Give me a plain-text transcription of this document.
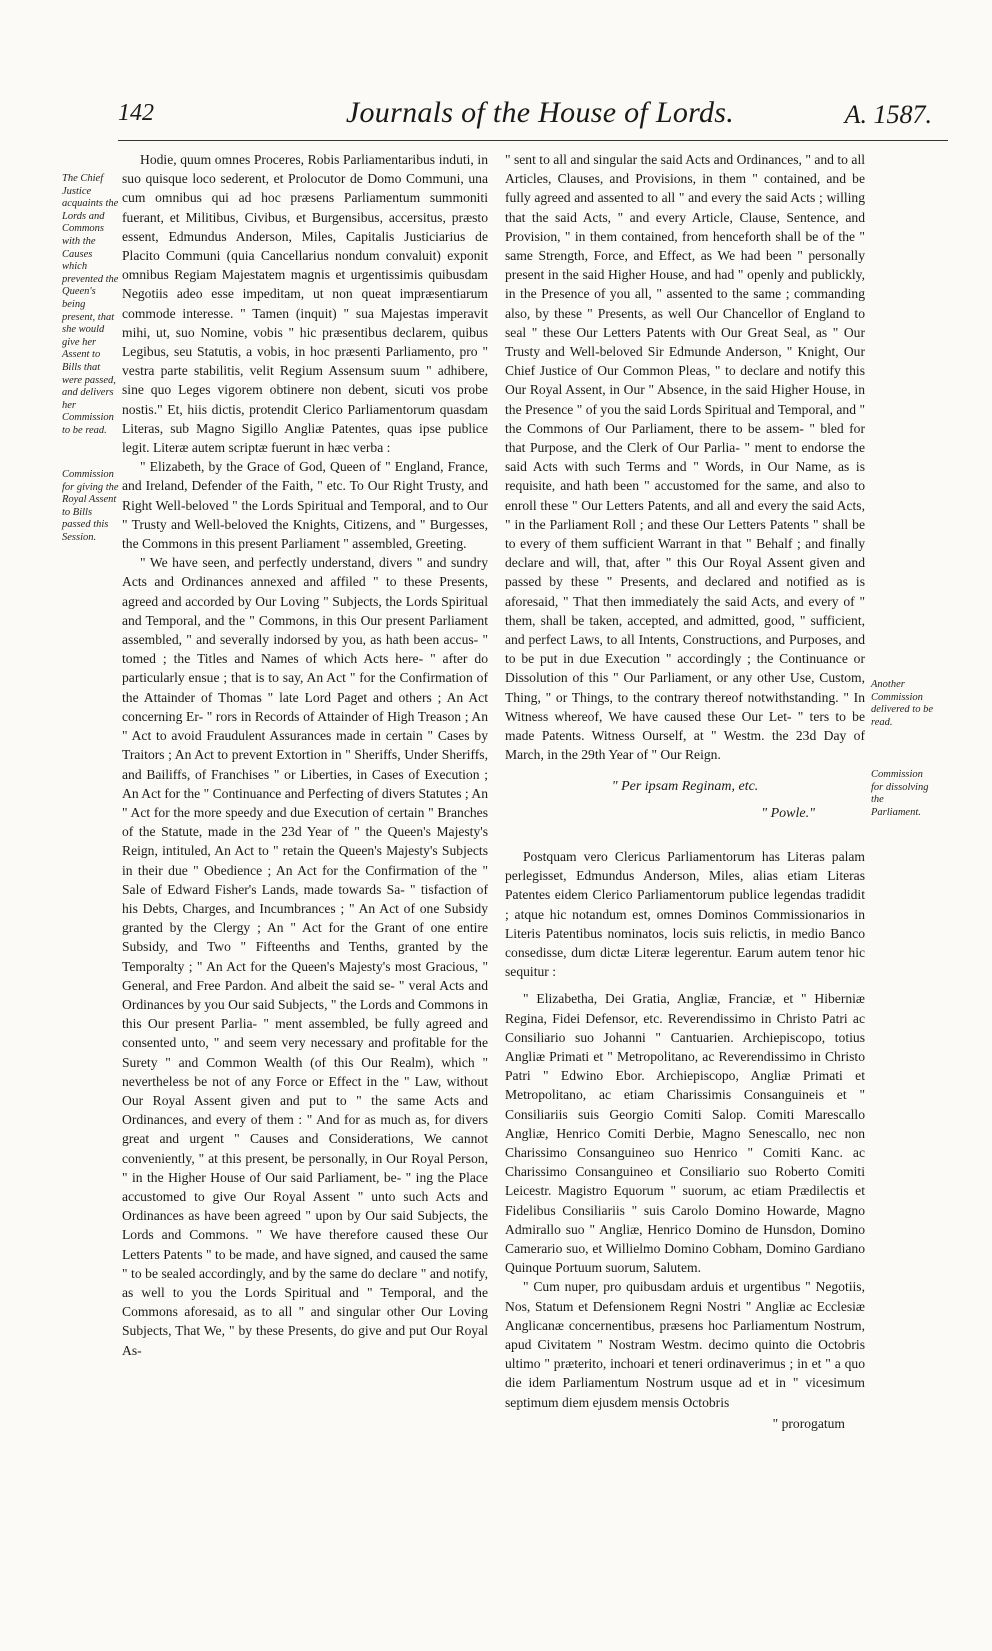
142	Journals of the House of Lords.	A. 1587.
The Chief Justice acquaints the Lords and Commons with the Causes which prevented the Queen's being present, that she would give her Assent to Bills that were passed, and delivers her Commission to be read.
Commission for giving the Royal Assent to Bills passed this Session.
Another Commission delivered to be read.
Commission for dissolving the Parliament.

Hodie, quum omnes Proceres, Robis Parliamentaribus induti, in suo quisque loco sederent, et Prolocutor de Domo Communi, una cum omnibus qui ad hoc præsens Parliamentum summoniti fuerant, et Militibus, Civibus, et Burgensibus, accersitus, præsto essent, Edmundus Anderson, Miles, Capitalis Justiciarius de Placito Communi (quia Cancellarius nondum convaluit) exponit omnibus Regiam Majestatem magnis et urgentissimis quibusdam Negotiis adeo esse impeditam, ut non queat impræsentiarum commode interesse. " Tamen (inquit) " sua Majestas imperavit mihi, ut, suo Nomine, vobis " hic præsentibus declarem, quibus Legibus, seu Statutis, a vobis, in hoc præsenti Parliamento, pro " vestra parte stabilitis, velit Regium Assensum suum " adhibere, sine quo Leges vigorem obtinere non debent, sicuti vos probe nostis." Et, hiis dictis, protendit Clerico Parliamentorum quasdam Literas, sub Magno Sigillo Angliæ Patentes, quas ipse publice legit. Literæ autem scriptæ fuerunt in hæc verba :

" Elizabeth, by the Grace of God, Queen of " England, France, and Ireland, Defender of the Faith, " etc. To Our Right Trusty, and Right Well-beloved " the Lords Spiritual and Temporal, and to Our " Trusty and Well-beloved the Knights, Citizens, and " Burgesses, the Commons in this present Parliament " assembled, Greeting.

" We have seen, and perfectly understand, divers " and sundry Acts and Ordinances annexed and affiled " to these Presents, agreed and accorded by Our Loving " Subjects, the Lords Spiritual and Temporal, and the " Commons, in this Our present Parliament assembled, " and severally indorsed by you, as hath been accus- " tomed ; the Titles and Names of which Acts here- " after do particularly ensue ; that is to say, An Act " for the Confirmation of the Attainder of Thomas " late Lord Paget and others ; An Act concerning Er- " rors in Records of Attainder of High Treason ; An " Act to avoid Fraudulent Assurances made in certain " Cases by Traitors ; An Act to prevent Extortion in " Sheriffs, Under Sheriffs, and Bailiffs, of Franchises " or Liberties, in Cases of Execution ; An Act for the " Continuance and Perfecting of divers Statutes ; An " Act for the more speedy and due Execution of certain " Branches of the Statute, made in the 23d Year of " the Queen's Majesty's Reign, intituled, An Act to " retain the Queen's Majesty's Subjects in their due " Obedience ; An Act for the Confirmation of the " Sale of Edward Fisher's Lands, made towards Sa- " tisfaction of his Debts, Charges, and Incumbrances ; " An Act of one Subsidy granted by the Clergy ; An " Act for the Grant of one entire Subsidy, and Two " Fifteenths and Tenths, granted by the Temporalty ; " An Act for the Queen's Majesty's most Gracious, " General, and Free Pardon. And albeit the said se- " veral Acts and Ordinances by you Our said Subjects, " the Lords and Commons in this Our present Parlia- " ment assembled, be fully agreed and consented unto, " and seem very necessary and profitable for the Surety " and Common Wealth (of this Our Realm), which " nevertheless be not of any Force or Effect in the " Law, without Our Royal Assent given and put to " the same Acts and Ordinances, and every of them : " And for as much as, for divers great and urgent " Causes and Considerations, We cannot conveniently, " at this present, be personally, in Our Royal Person, " in the Higher House of Our said Parliament, be- " ing the Place accustomed to give Our Royal Assent " unto such Acts and Ordinances as have been agreed " upon by Our said Subjects, the Lords and Commons. " We have therefore caused these Our Letters Patents " to be made, and have signed, and caused the same " to be sealed accordingly, and by the same do declare " and notify, as well to you the Lords Spiritual and " Temporal, and the Commons aforesaid, as to all " and singular other Our Loving Subjects, That We, " by these Presents, do give and put Our Royal As-

" sent to all and singular the said Acts and Ordinances, " and to all Articles, Clauses, and Provisions, in them " contained, and be fully agreed and assented to all " and every the said Acts ; willing that the said Acts, " and every Article, Clause, Sentence, and Provision, " in them contained, from henceforth shall be of the " same Strength, Force, and Effect, as We had been " personally present in the said Higher House, and had " openly and publickly, in the Presence of you all, " assented to the same ; commanding also, by these " Presents, as well Our Chancellor of England to seal " these Our Letters Patents with Our Great Seal, as " Our Trusty and Well-beloved Sir Edmunde Anderson, " Knight, Our Chief Justice of Our Common Pleas, " to declare and notify this Our Royal Assent, in Our " Absence, in the said Higher House, in the Presence " of you the said Lords Spiritual and Temporal, and " the Commons of Our Parliament, there to be assem- " bled for that Purpose, and the Clerk of Our Parlia- " ment to endorse the said Acts with such Terms and " Words, in Our Name, as is requisite, and hath been " accustomed for the same, and also to enroll these " Our Letters Patents, and all and every the said Acts, " in the Parliament Roll ; and these Our Letters Patents " shall be to every of them sufficient Warrant in that " Behalf ; and finally declare and will, that, after " this Our Royal Assent given and passed by these " Presents, and declared and notified as is aforesaid, " That then immediately the said Acts, and every of " them, shall be taken, accepted, and admitted, good, " sufficient, and perfect Laws, to all Intents, Constructions, and Purposes, and to be put in due Execution " accordingly ; the Continuance or Dissolution of this " Our Parliament, or any other Use, Custom, Thing, " or Things, to the contrary thereof notwithstanding. " In Witness whereof, We have caused these Our Let- " ters to be made Patents. Witness Ourself, at " Westm. the 23d Day of March, in the 29th Year of " Our Reign.

" Per ipsam Reginam, etc.

" Powle."

Postquam vero Clericus Parliamentorum has Literas palam perlegisset, Edmundus Anderson, Miles, alias etiam Literas Patentes eidem Clerico Parliamentorum publice legendas tradidit ; atque hic notandum est, omnes Dominos Commissionarios in Literis Patentibus nominatos, locis suis relictis, in medio Banco consedisse, dum dictæ Literæ legerentur. Earum autem tenor hic sequitur :

" Elizabetha, Dei Gratia, Angliæ, Franciæ, et " Hiberniæ Regina, Fidei Defensor, etc. Reverendissimo in Christo Patri ac Consiliario suo Johanni " Cantuarien. Archiepiscopo, totius Angliæ Primati et " Metropolitano, ac Reverendissimo in Christo Patri " Edwino Ebor. Archiepiscopo, Angliæ Primati et Metropolitano, ac etiam Charissimis Consanguineis et " Consiliariis suis Georgio Comiti Salop. Comiti Marescallo Angliæ, Henrico Comiti Derbie, Magno Senescallo, nec non Charissimo Consanguineo suo Henrico " Comiti Kanc. ac Charissimo Consanguineo et Consiliario suo Roberto Comiti Leicestr. Magistro Equorum " suorum, ac etiam Prædilectis et Fidelibus Consiliariis " suis Carolo Domino Howarde, Magno Admirallo suo " Angliæ, Henrico Domino de Hunsdon, Domino Camerario suo, et Willielmo Domino Cobham, Domino Gardiano Quinque Portuum suorum, Salutem.

" Cum nuper, pro quibusdam arduis et urgentibus " Negotiis, Nos, Statum et Defensionem Regni Nostri " Angliæ ac Ecclesiæ Anglicanæ concernentibus, præsens hoc Parliamentum Nostrum, apud Civitatem " Nostram Westm. decimo quinto die Octobris ultimo " præterito, inchoari et teneri ordinaverimus ; in et " a quo die idem Parliamentum Nostrum usque ad et in " vicesimum septimum diem ejusdem mensis Octobris

" prorogatum
